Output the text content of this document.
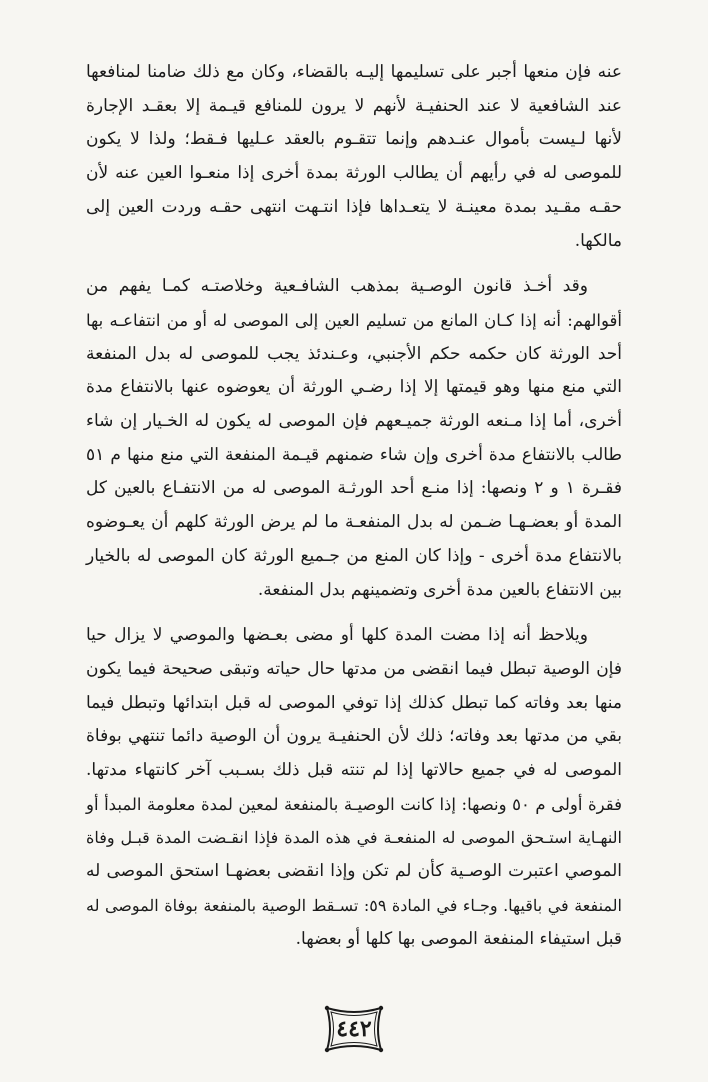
عنه فإن منعها أجبر على تسليمها إليـه بالقضاء، وكان مع ذلك ضامنا لمنافعها
عند الشافعية لا عند الحنفيـة لأنهم لا يرون للمنافع قيـمة إلا بعقـد الإجارة
لأنها لـيست بأموال عنـدهم وإنما تتقـوم بالعقد عـليها فـقط؛ ولذا لا يكون
للموصى له في رأيهم أن يطالب الورثة بمدة أخرى إذا منعـوا العين عنه لأن
حقـه مقـيد بمدة معينـة لا يتعـداها فإذا انتـهت انتهى حقـه وردت العين إلى
مالكها.
وقد أخـذ قانون الوصـية بمذهب الشافـعية وخلاصتـه كمـا يفهم من
أقوالهم: أنه إذا كـان المانع من تسليم العين إلى الموصى له أو من انتفاعـه بها
أحد الورثة كان حكمه حكم الأجنبي، وعـندئذ يجب للموصى له بدل المنفعة
التي منع منها وهو قيمتها إلا إذا رضـي الورثة أن يعوضوه عنها بالانتفاع مدة
أخرى، أما إذا مـنعه الورثة جميـعهم فإن الموصى له يكون له الخـيار إن شاء
طالب بالانتفاع مدة أخرى وإن شاء ضمنهم قيـمة المنفعة التي منع منها م ٥١
فقـرة ١ و ٢ ونصها: إذا منـع أحد الورثـة الموصى له من الانتفـاع بالعين كل
المدة أو بعضـهـا ضـمن له بدل المنفعـة ما لم يرض الورثة كلهم أن يعـوضوه
بالانتفاع مدة أخرى - وإذا كان المنع من جـميع الورثة كان الموصى له بالخيار
بين الانتفاع بالعين مدة أخرى وتضمينهم بدل المنفعة.
ويلاحظ أنه إذا مضت المدة كلها أو مضى بعـضها والموصي لا يزال حيا
فإن الوصية تبطل فيما انقضى من مدتها حال حياته وتبقى صحيحة فيما يكون
منها بعد وفاته كما تبطل كذلك إذا توفي الموصى له قبل ابتدائها وتبطل فيما
بقي من مدتها بعد وفاته؛ ذلك لأن الحنفيـة يرون أن الوصية دائما تنتهي بوفاة
الموصى له في جميع حالاتها إذا لم تنته قبل ذلك بسـبب آخر كانتهاء مدتها.
فقرة أولى م ٥٠ ونصها: إذا كانت الوصيـة بالمنفعة لمعين لمدة معلومة المبدأ أو
النهـاية استـحق الموصى له المنفعـة في هذه المدة فإذا انقـضت المدة قبـل وفاة
الموصي اعتبرت الوصـية كأن لم تكن وإذا انقضى بعضهـا استحق الموصى له
المنفعة في باقيها. وجـاء في المادة ٥٩: تسـقط الوصية بالمنفعة بوفاة الموصى له
قبل استيفاء المنفعة الموصى بها كلها أو بعضها.
٤٤٢
